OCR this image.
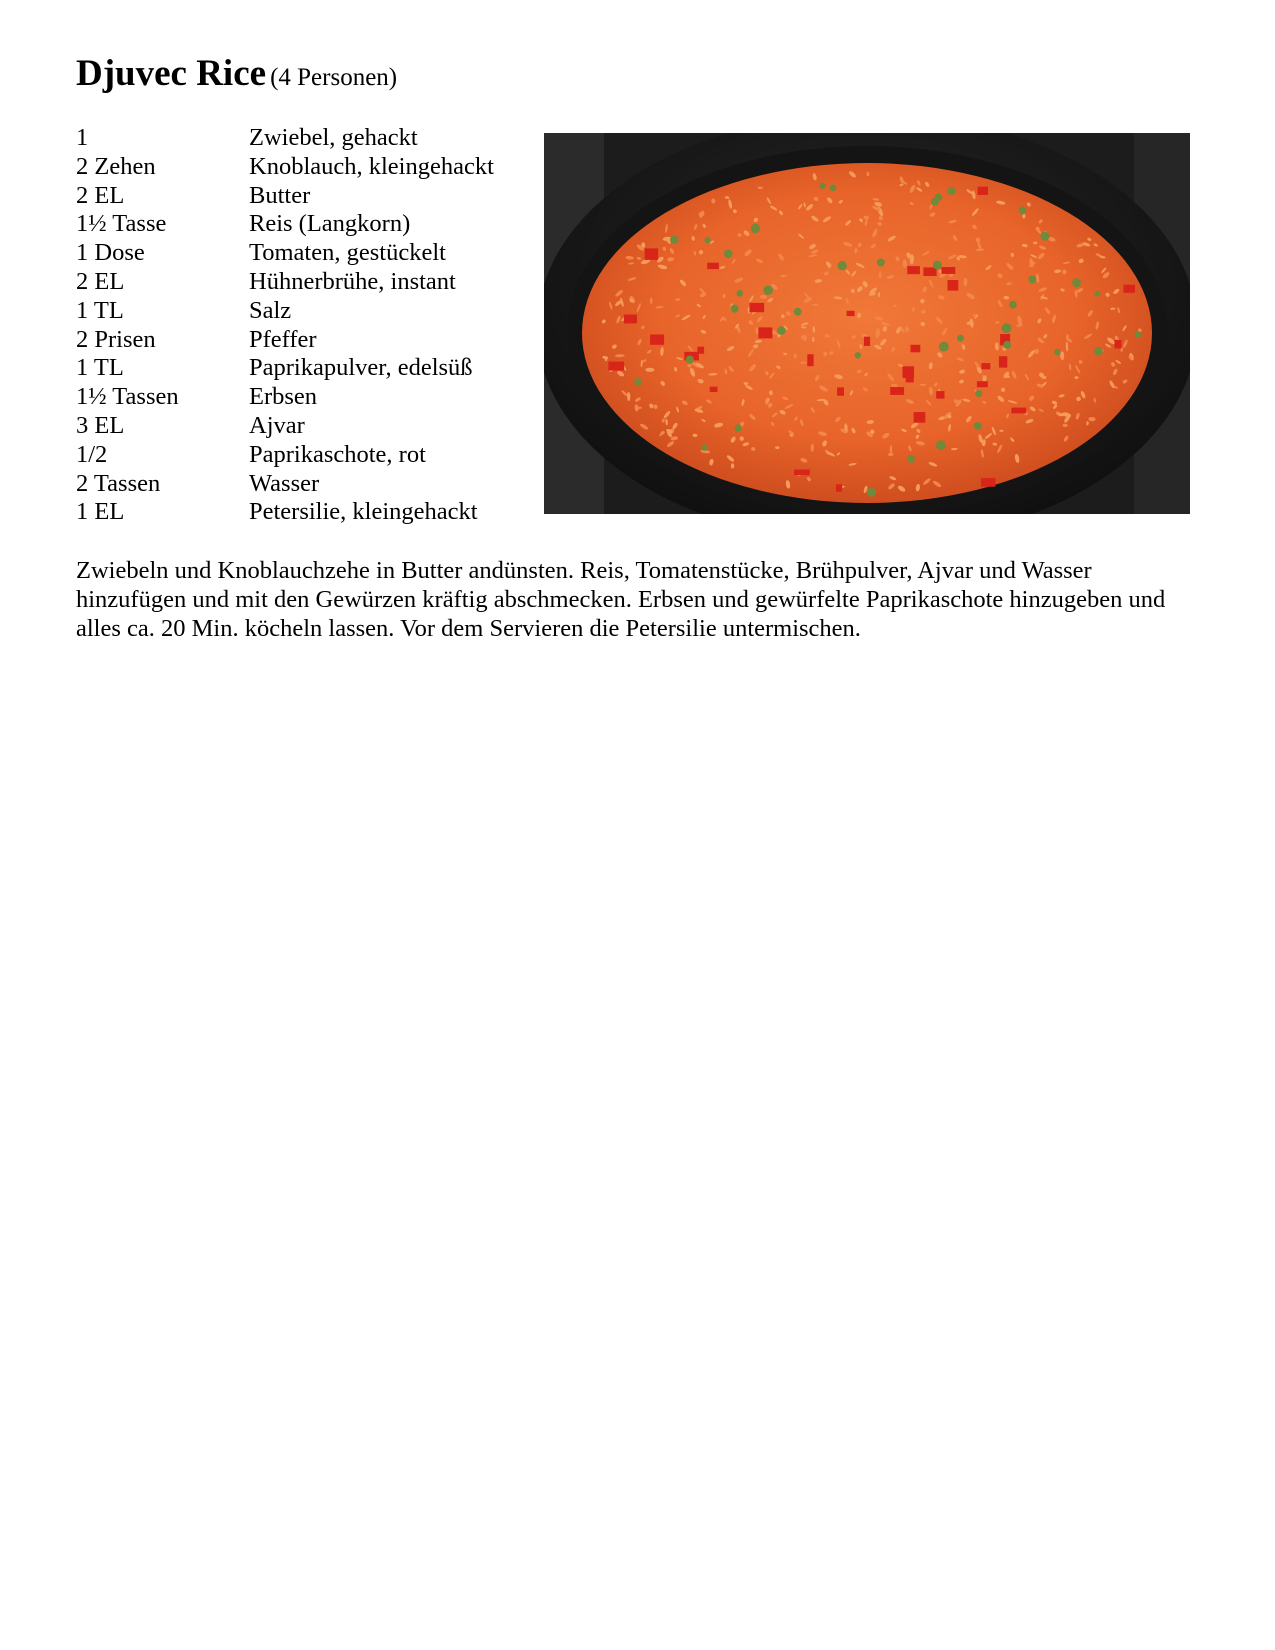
Djuvec Rice (4 Personen)
1	Zwiebel, gehackt
2 Zehen	Knoblauch, kleingehackt
2 EL	Butter
1½ Tasse	Reis (Langkorn)
1 Dose	Tomaten, gestückelt
2 EL	Hühnerbrühe, instant
1 TL	Salz
2 Prisen	Pfeffer
1 TL	Paprikapulver, edelsüß
1½ Tassen	Erbsen
3 EL	Ajvar
1/2	Paprikaschote, rot
2 Tassen	Wasser
1 EL	Petersilie, kleingehackt

Zwiebeln und Knoblauchzehe in Butter andünsten. Reis, Tomatenstücke, Brühpulver, Ajvar und Wasser hinzufügen und mit den Gewürzen kräftig abschmecken. Erbsen und gewürfelte Paprikaschote hinzugeben und alles ca. 20 Min. köcheln lassen. Vor dem Servieren die Petersilie untermischen.
